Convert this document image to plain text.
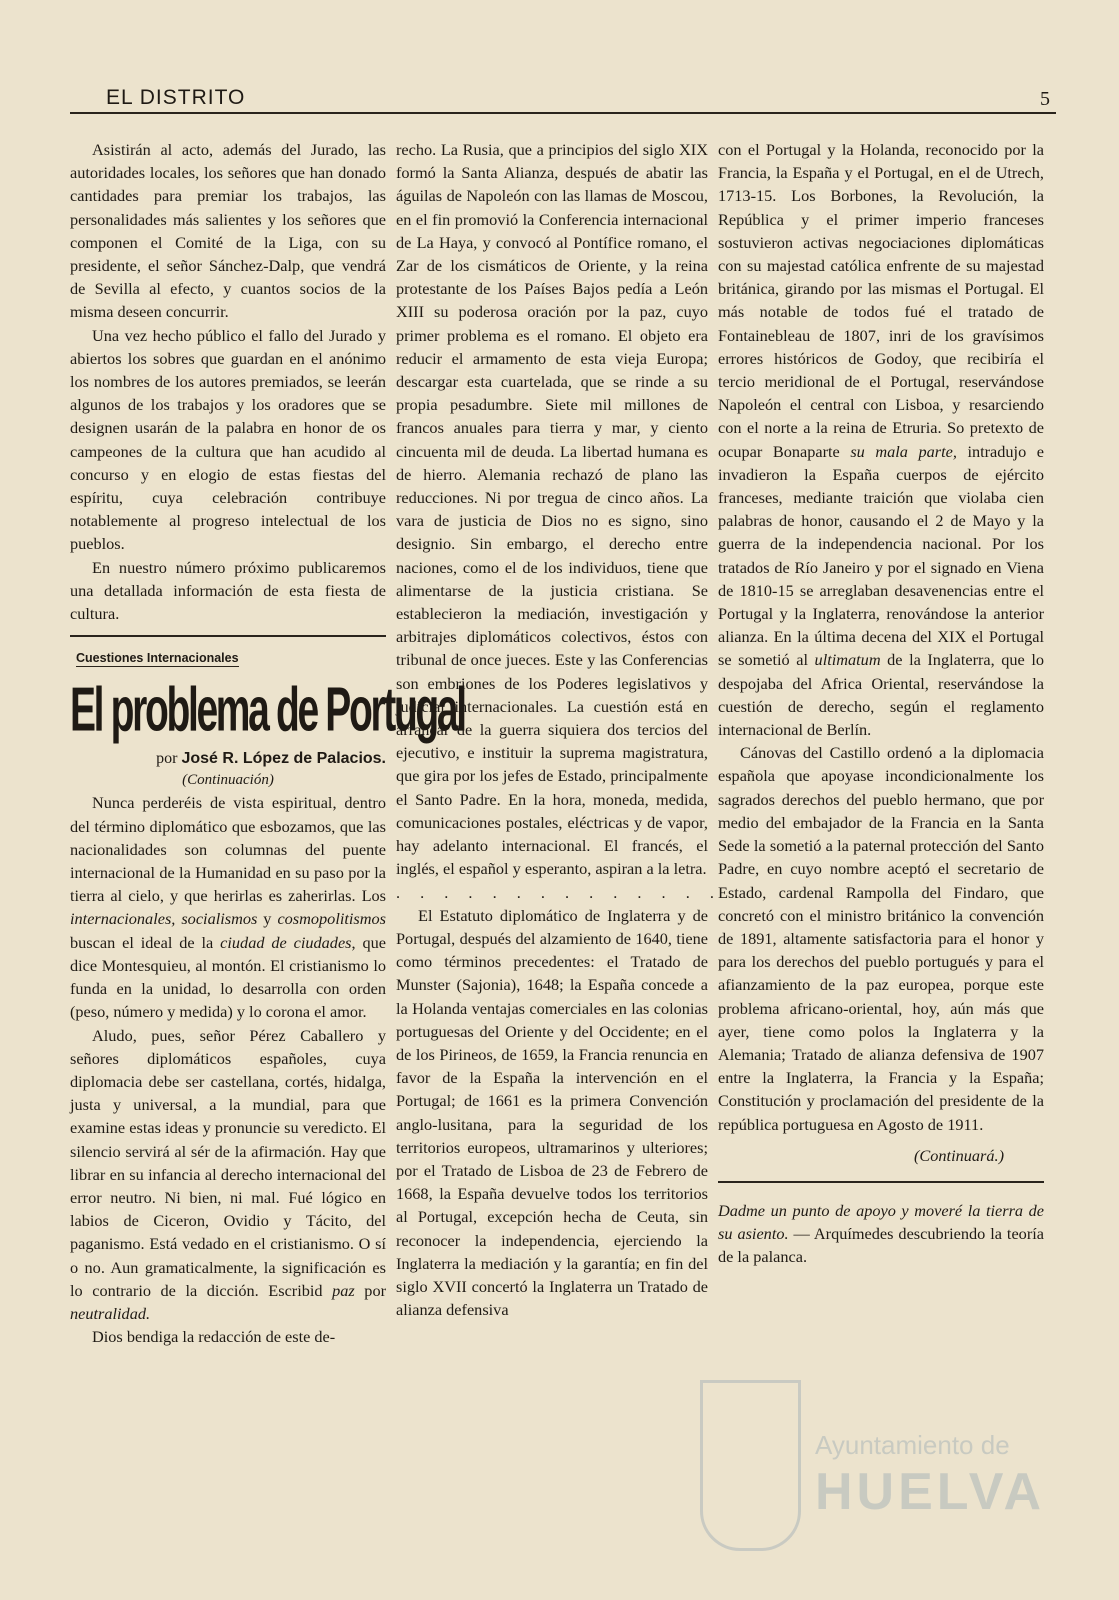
EL DISTRITO	5

Asistirán al acto, además del Jurado, las autoridades locales, los señores que han donado cantidades para premiar los trabajos, las personalidades más salientes y los señores que componen el Comité de la Liga, con su presidente, el señor Sánchez-Dalp, que vendrá de Sevilla al efecto, y cuantos socios de la misma deseen concurrir.

Una vez hecho público el fallo del Jurado y abiertos los sobres que guardan en el anónimo los nombres de los autores premiados, se leerán algunos de los trabajos y los oradores que se designen usarán de la palabra en honor de os campeones de la cultura que han acudido al concurso y en elogio de estas fiestas del espíritu, cuya celebración contribuye notablemente al progreso intelectual de los pueblos.

En nuestro número próximo publicaremos una detallada información de esta fiesta de cultura.

Cuestiones Internacionales
El problema de Portugal
por José R. López de Palacios.
(Continuación)

Nunca perderéis de vista espiritual, dentro del término diplomático que esbozamos, que las nacionalidades son columnas del puente internacional de la Humanidad en su paso por la tierra al cielo, y que herirlas es zaherirlas. Los internacionales, socialismos y cosmopolitismos buscan el ideal de la ciudad de ciudades, que dice Montesquieu, al montón. El cristianismo lo funda en la unidad, lo desarrolla con orden (peso, número y medida) y lo corona el amor.

Aludo, pues, señor Pérez Caballero y señores diplomáticos españoles, cuya diplomacia debe ser castellana, cortés, hidalga, justa y universal, a la mundial, para que examine estas ideas y pronuncie su veredicto. El silencio servirá al sér de la afirmación. Hay que librar en su infancia al derecho internacional del error neutro. Ni bien, ni mal. Fué lógico en labios de Ciceron, Ovidio y Tácito, del paganismo. Está vedado en el cristianismo. O sí o no. Aun gramaticalmente, la significación es lo contrario de la dicción. Escribid paz por neutralidad.

Dios bendiga la redacción de este de-

recho. La Rusia, que a principios del siglo XIX formó la Santa Alianza, después de abatir las águilas de Napoleón con las llamas de Moscou, en el fin promovió la Conferencia internacional de La Haya, y convocó al Pontífice romano, el Zar de los cismáticos de Oriente, y la reina protestante de los Países Bajos pedía a León XIII su poderosa oración por la paz, cuyo primer problema es el romano. El objeto era reducir el armamento de esta vieja Europa; descargar esta cuartelada, que se rinde a su propia pesadumbre. Siete mil millones de francos anuales para tierra y mar, y ciento cincuenta mil de deuda. La libertad humana es de hierro. Alemania rechazó de plano las reducciones. Ni por tregua de cinco años. La vara de justicia de Dios no es signo, sino designio. Sin embargo, el derecho entre naciones, como el de los individuos, tiene que alimentarse de la justicia cristiana. Se establecieron la mediación, investigación y arbitrajes diplomáticos colectivos, éstos con tribunal de once jueces. Este y las Conferencias son embriones de los Poderes legislativos y judicial internacionales. La cuestión está en arrancar de la guerra siquiera dos tercios del ejecutivo, e instituir la suprema magistratura, que gira por los jefes de Estado, principalmente el Santo Padre. En la hora, moneda, medida, comunicaciones postales, eléctricas y de vapor, hay adelanto internacional. El francés, el inglés, el español y esperanto, aspiran a la letra.

. . . . . . . . . . . . . . .

El Estatuto diplomático de Inglaterra y de Portugal, después del alzamiento de 1640, tiene como términos precedentes: el Tratado de Munster (Sajonia), 1648; la España concede a la Holanda ventajas comerciales en las colonias portuguesas del Oriente y del Occidente; en el de los Pirineos, de 1659, la Francia renuncia en favor de la España la intervención en el Portugal; de 1661 es la primera Convención anglo-lusitana, para la seguridad de los territorios europeos, ultramarinos y ulteriores; por el Tratado de Lisboa de 23 de Febrero de 1668, la España devuelve todos los territorios al Portugal, excepción hecha de Ceuta, sin reconocer la independencia, ejerciendo la Inglaterra la mediación y la garantía; en fin del siglo XVII concertó la Inglaterra un Tratado de alianza defensiva

con el Portugal y la Holanda, reconocido por la Francia, la España y el Portugal, en el de Utrech, 1713-15. Los Borbones, la Revolución, la República y el primer imperio franceses sostuvieron activas negociaciones diplomáticas con su majestad católica enfrente de su majestad británica, girando por las mismas el Portugal. El más notable de todos fué el tratado de Fontainebleau de 1807, inri de los gravísimos errores históricos de Godoy, que recibiría el tercio meridional de el Portugal, reservándose Napoleón el central con Lisboa, y resarciendo con el norte a la reina de Etruria. So pretexto de ocupar Bonaparte su mala parte, intradujo e invadieron la España cuerpos de ejército franceses, mediante traición que violaba cien palabras de honor, causando el 2 de Mayo y la guerra de la independencia nacional. Por los tratados de Río Janeiro y por el signado en Viena de 1810-15 se arreglaban desavenencias entre el Portugal y la Inglaterra, renovándose la anterior alianza. En la última decena del XIX el Portugal se sometió al ultimatum de la Inglaterra, que lo despojaba del Africa Oriental, reservándose la cuestión de derecho, según el reglamento internacional de Berlín.

Cánovas del Castillo ordenó a la diplomacia española que apoyase incondicionalmente los sagrados derechos del pueblo hermano, que por medio del embajador de la Francia en la Santa Sede la sometió a la paternal protección del Santo Padre, en cuyo nombre aceptó el secretario de Estado, cardenal Rampolla del Findaro, que concretó con el ministro británico la convención de 1891, altamente satisfactoria para el honor y para los derechos del pueblo portugués y para el afianzamiento de la paz europea, porque este problema africano-oriental, hoy, aún más que ayer, tiene como polos la Inglaterra y la Alemania; Tratado de alianza defensiva de 1907 entre la Inglaterra, la Francia y la España; Constitución y proclamación del presidente de la república portuguesa en Agosto de 1911.

(Continuará.)

Dadme un punto de apoyo y moveré la tierra de su asiento. — Arquímedes descubriendo la teoría de la palanca.

Ayuntamiento de
HUELVA
